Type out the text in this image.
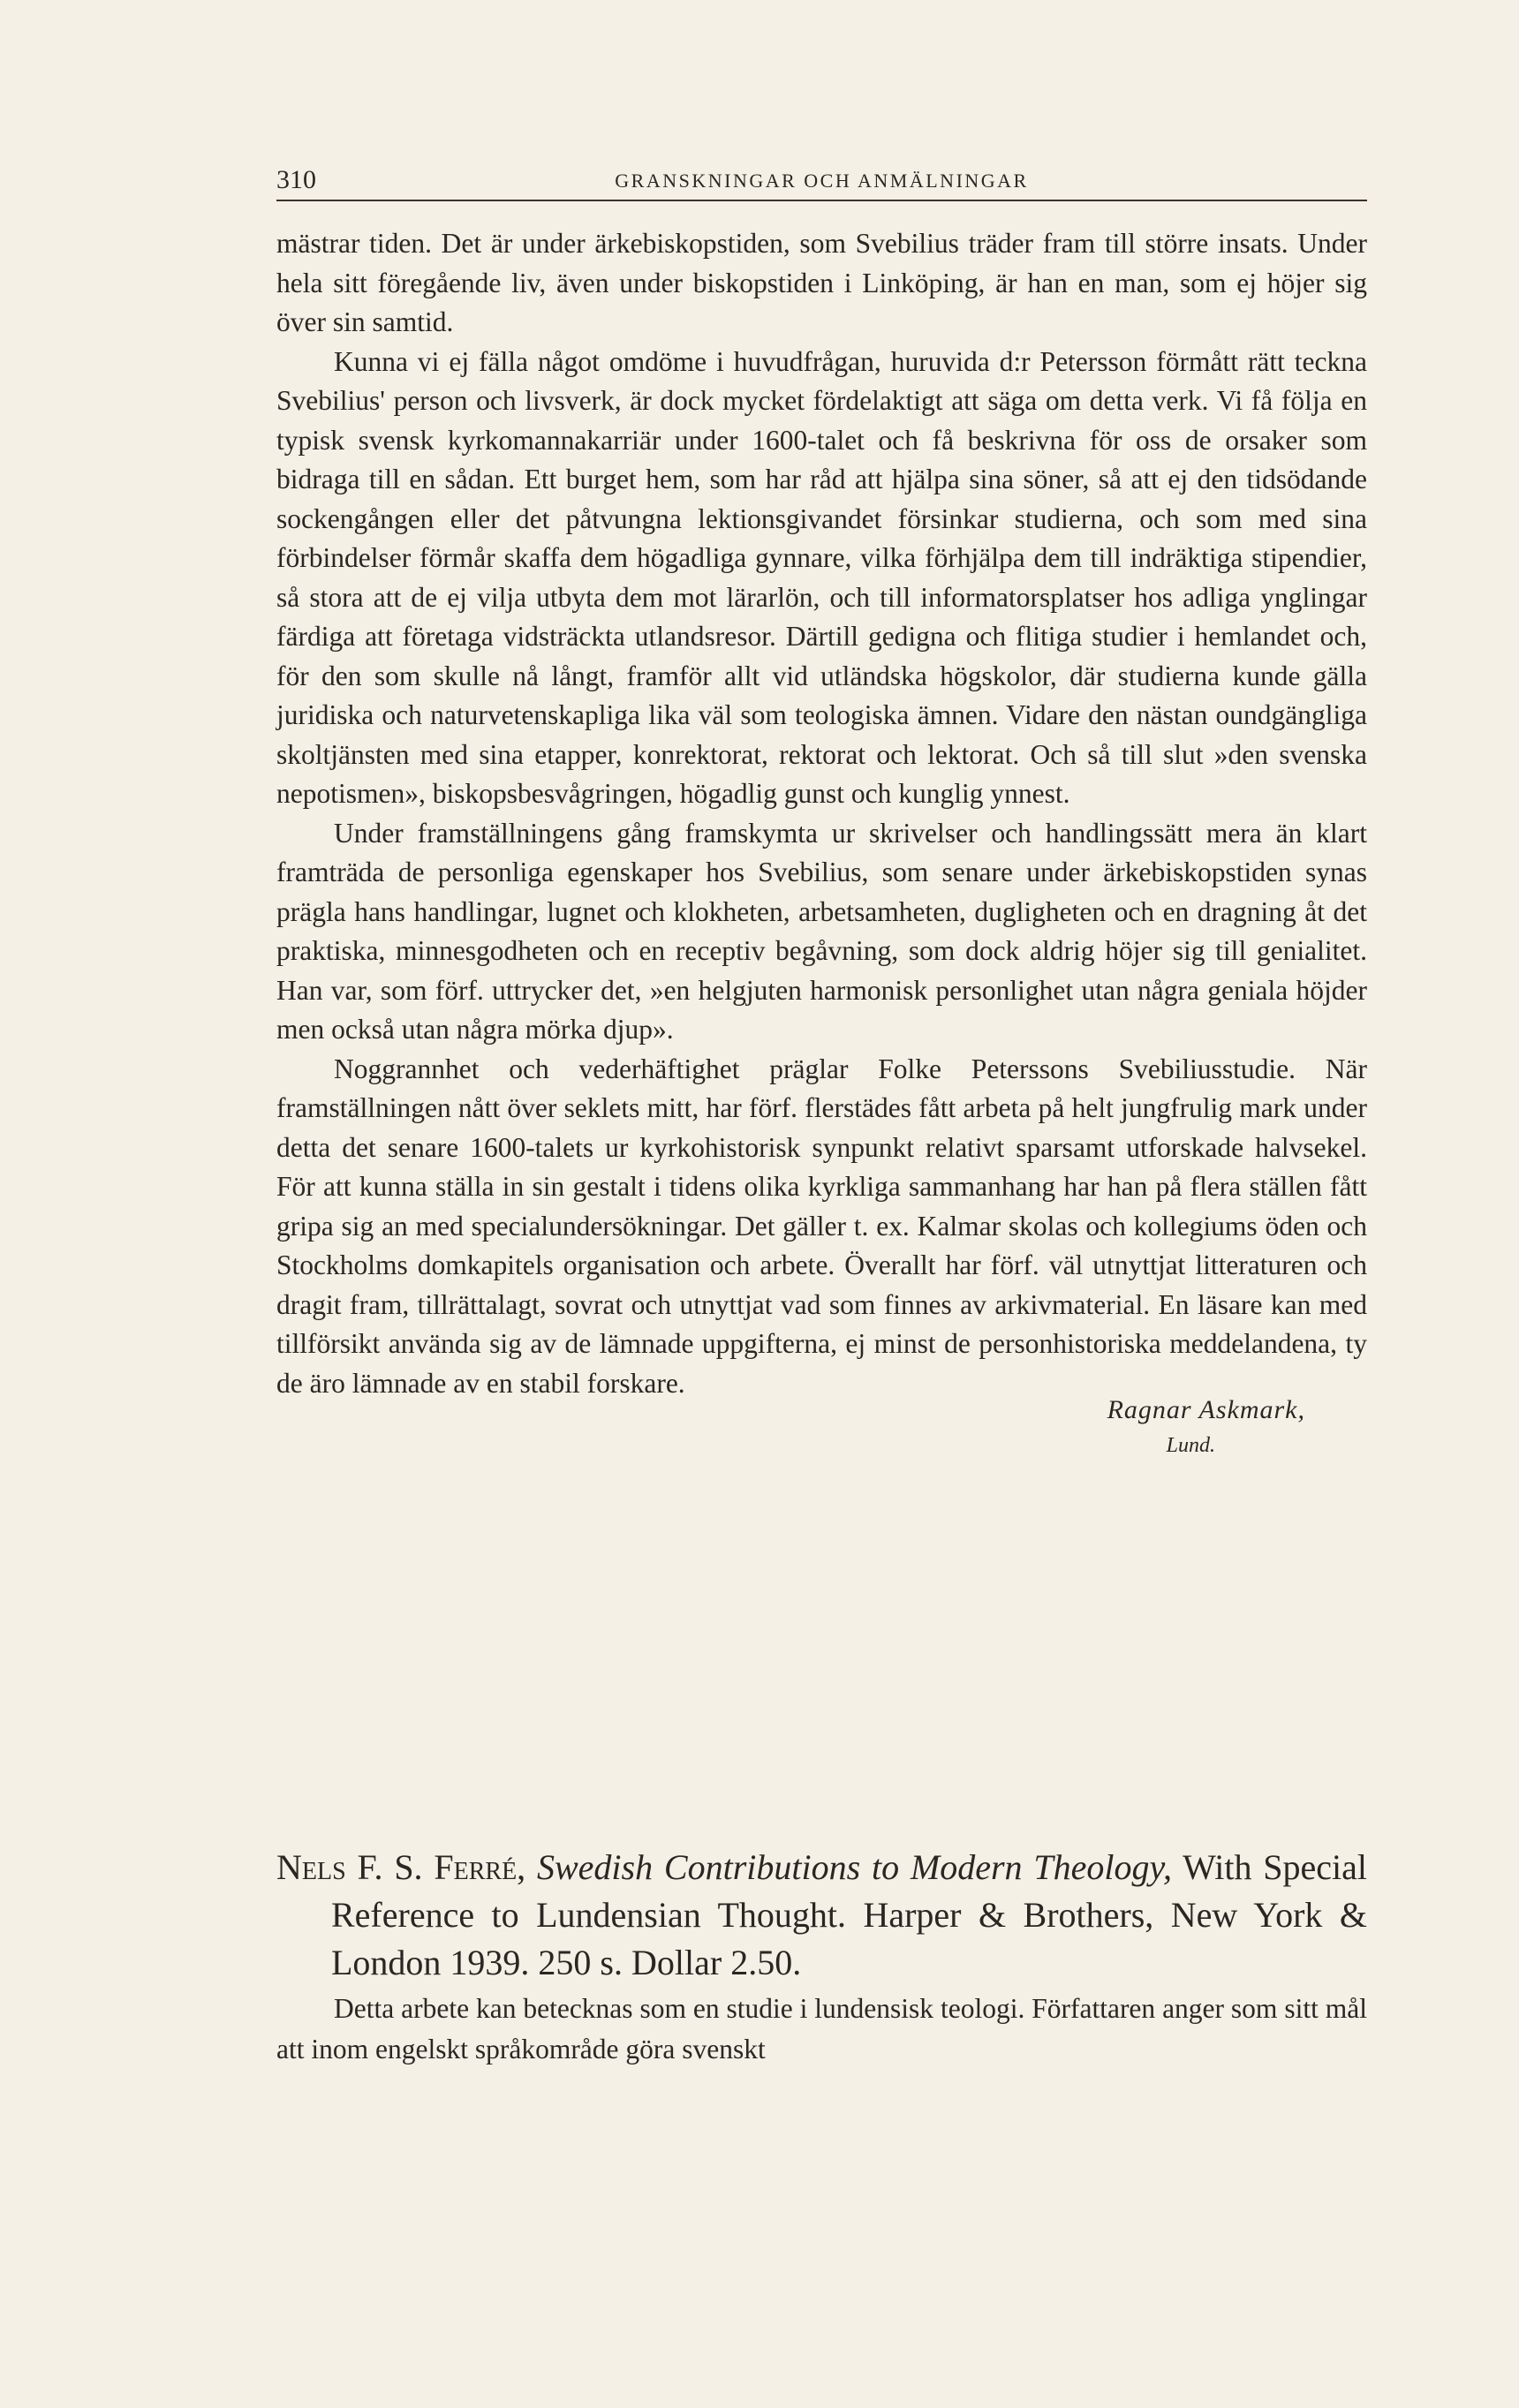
310	GRANSKNINGAR OCH ANMÄLNINGAR

mästrar tiden. Det är under ärkebiskopstiden, som Svebilius träder fram till större insats. Under hela sitt föregående liv, även under biskopstiden i Linköping, är han en man, som ej höjer sig över sin samtid.

Kunna vi ej fälla något omdöme i huvudfrågan, huruvida d:r Petersson förmått rätt teckna Svebilius' person och livsverk, är dock mycket fördelaktigt att säga om detta verk. Vi få följa en typisk svensk kyrkomannakarriär under 1600-talet och få beskrivna för oss de orsaker som bidraga till en sådan. Ett burget hem, som har råd att hjälpa sina söner, så att ej den tidsödande sockengången eller det påtvungna lektionsgivandet försinkar studierna, och som med sina förbindelser förmår skaffa dem högadliga gynnare, vilka förhjälpa dem till indräktiga stipendier, så stora att de ej vilja utbyta dem mot lärarlön, och till informatorsplatser hos adliga ynglingar färdiga att företaga vidsträckta utlandsresor. Därtill gedigna och flitiga studier i hemlandet och, för den som skulle nå långt, framför allt vid utländska högskolor, där studierna kunde gälla juridiska och naturvetenskapliga lika väl som teologiska ämnen. Vidare den nästan oundgängliga skoltjänsten med sina etapper, konrektorat, rektorat och lektorat. Och så till slut »den svenska nepotismen», biskopsbesvågringen, högadlig gunst och kunglig ynnest.

Under framställningens gång framskymta ur skrivelser och handlingssätt mera än klart framträda de personliga egenskaper hos Svebilius, som senare under ärkebiskopstiden synas prägla hans handlingar, lugnet och klokheten, arbetsamheten, dugligheten och en dragning åt det praktiska, minnesgodheten och en receptiv begåvning, som dock aldrig höjer sig till genialitet. Han var, som förf. uttrycker det, »en helgjuten harmonisk personlighet utan några geniala höjder men också utan några mörka djup».

Noggrannhet och vederhäftighet präglar Folke Peterssons Svebiliusstudie. När framställningen nått över seklets mitt, har förf. flerstädes fått arbeta på helt jungfrulig mark under detta det senare 1600-talets ur kyrkohistorisk synpunkt relativt sparsamt utforskade halvsekel. För att kunna ställa in sin gestalt i tidens olika kyrkliga sammanhang har han på flera ställen fått gripa sig an med specialundersökningar. Det gäller t. ex. Kalmar skolas och kollegiums öden och Stockholms domkapitels organisation och arbete. Överallt har förf. väl utnyttjat litteraturen och dragit fram, tillrättalagt, sovrat och utnyttjat vad som finnes av arkivmaterial. En läsare kan med tillförsikt använda sig av de lämnade uppgifterna, ej minst de personhistoriska meddelandena, ty de äro lämnade av en stabil forskare.

Ragnar Askmark,
Lund.
Nels F. S. Ferré, Swedish Contributions to Modern Theology, With Special Reference to Lundensian Thought. Harper & Brothers, New York & London 1939. 250 s. Dollar 2.50.

Detta arbete kan betecknas som en studie i lundensisk teologi. Författaren anger som sitt mål att inom engelskt språkområde göra svenskt
